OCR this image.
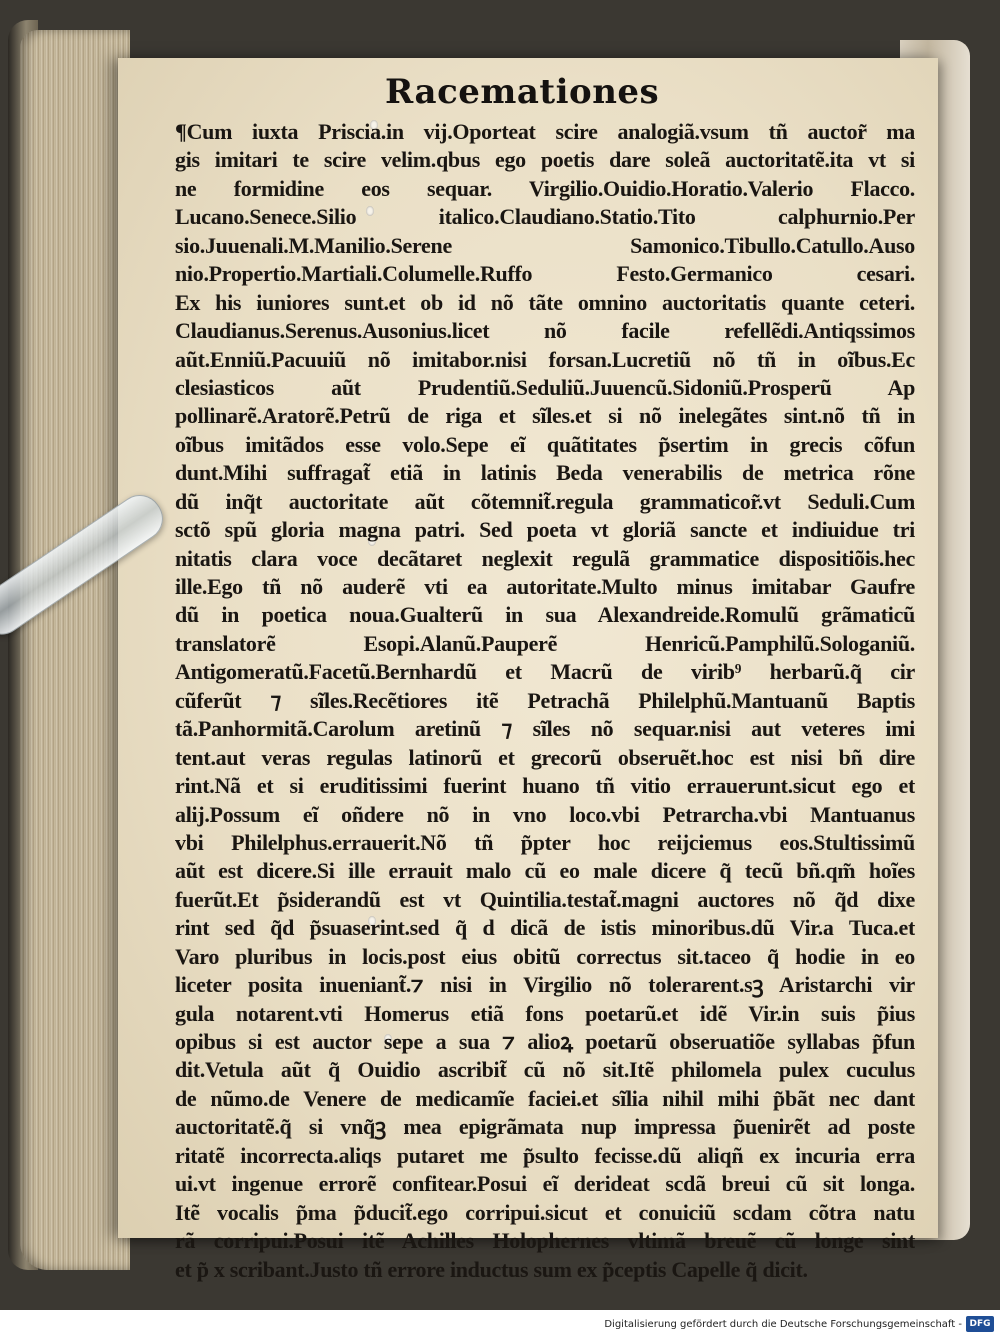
Racemationes
¶Cum iuxta Priscia.in vij.Oporteat scire analogiã.vsum tñ auctor̃ ma
gis imitari te scire velim.qbus ego poetis dare soleã auctoritatẽ.ita vt si
ne formidine eos sequar. Virgilio.Ouidio.Horatio.Valerio Flacco.
Lucano.Senece.Silio italico.Claudiano.Statio.Tito calphurnio.Per
sio.Juuenali.M.Manilio.Serene Samonico.Tibullo.Catullo.Auso
nio.Propertio.Martiali.Columelle.Ruffo Festo.Germanico cesari.
Ex his iuniores sunt.et ob id nõ tãte omnino auctoritatis quante ceteri.
Claudianus.Serenus.Ausonius.licet nõ facile refellẽdi.Antiqssimos
aũt.Enniũ.Pacuuiũ nõ imitabor.nisi forsan.Lucretiũ nõ tñ in oĩbus.Ec
clesiasticos aũt Prudentiũ.Seduliũ.Juuencũ.Sidoniũ.Prosperũ Ap
pollinarẽ.Aratorẽ.Petrũ de riga et sĩles.et si nõ inelegãtes sint.nõ tñ in
oĩbus imitãdos esse volo.Sepe eĩ quãtitates p̃sertim in grecis cõfun
dunt.Mihi suffragat̃ etiã in latinis Beda venerabilis de metrica rõne
dũ inq̃t auctoritate aũt cõtemnit̃.regula grammaticor̃.vt Seduli.Cum
sctõ spũ gloria magna patri. Sed poeta vt gloriã sancte et indiuidue tri
nitatis clara voce decãtaret neglexit regulã grammatice dispositiõis.hec
ille.Ego tñ nõ auderẽ vti ea autoritate.Multo minus imitabar Gaufre
dũ in poetica noua.Gualterũ in sua Alexandreide.Romulũ grãmaticũ
translatorẽ Esopi.Alanũ.Pauperẽ Henricũ.Pamphilũ.Sologaniũ.
Antigomeratũ.Facetũ.Bernhardũ et Macrũ de virib⁹ herbarũ.q̃ cir
cũferũt ⁊ sĩles.Recẽtiores itẽ Petrachã Philelphũ.Mantuanũ Baptis
tã.Panhormitã.Carolum aretinũ ⁊ sĩles nõ sequar.nisi aut veteres imi
tent.aut veras regulas latinorũ et grecorũ obseruẽt.hoc est nisi bñ dire
rint.Nã et si eruditissimi fuerint huano tñ vitio errauerunt.sicut ego et
alij.Possum eĩ oñdere nõ in vno loco.vbi Petrarcha.vbi Mantuanus
vbi Philelphus.errauerit.Nõ tñ p̃pter hoc reijciemus eos.Stultissimũ
aũt est dicere.Si ille errauit malo cũ eo male dicere q̃ tecũ bñ.qm̃ hoĩes
fuerũt.Et p̃siderandũ est vt Quintilia.testat̃.magni auctores nõ q̃d dixe
rint sed q̃d p̃suaserint.sed q̃ d dicã de istis minoribus.dũ Vir.a Tuca.et
Varo pluribus in locis.post eius obitũ correctus sit.taceo q̃ hodie in eo
liceter posita inueniant̃.⁊ nisi in Virgilio nõ tolerarent.sꝫ Aristarchi vir
gula notarent.vti Homerus etiã fons poetarũ.et idẽ Vir.in suis p̃ius
opibus si est auctor sepe a sua ⁊ alioꝝ poetarũ obseruatiõe syllabas p̃fun
dit.Vetula aũt q̃ Ouidio ascribit̃ cũ nõ sit.Itẽ philomela pulex cuculus
de nũmo.de Venere de medicamĩe faciei.et sĩlia nihil mihi p̃bãt nec dant
auctoritatẽ.q̃ si vnq̃ꝫ mea epigrãmata nup impressa p̃uenirẽt ad poste
ritatẽ incorrecta.aliqs putaret me p̃sulto fecisse.dũ aliqñ ex incuria erra
ui.vt ingenue errorẽ confitear.Posui eĩ derideat scdã breui cũ sit longa.
Itẽ vocalis p̃ma p̃ducit̃.ego corripui.sicut et conuiciũ scdam cõtra natu
rã corripui.Posui itẽ Achilles Holophernes vltimã breuẽ cũ longe sint
et p̃ x scribant.Justo tñ errore inductus sum ex p̃ceptis Capelle q̃ dicit.
Digitalisierung gefördert durch die Deutsche Forschungsgemeinschaft - DFG
